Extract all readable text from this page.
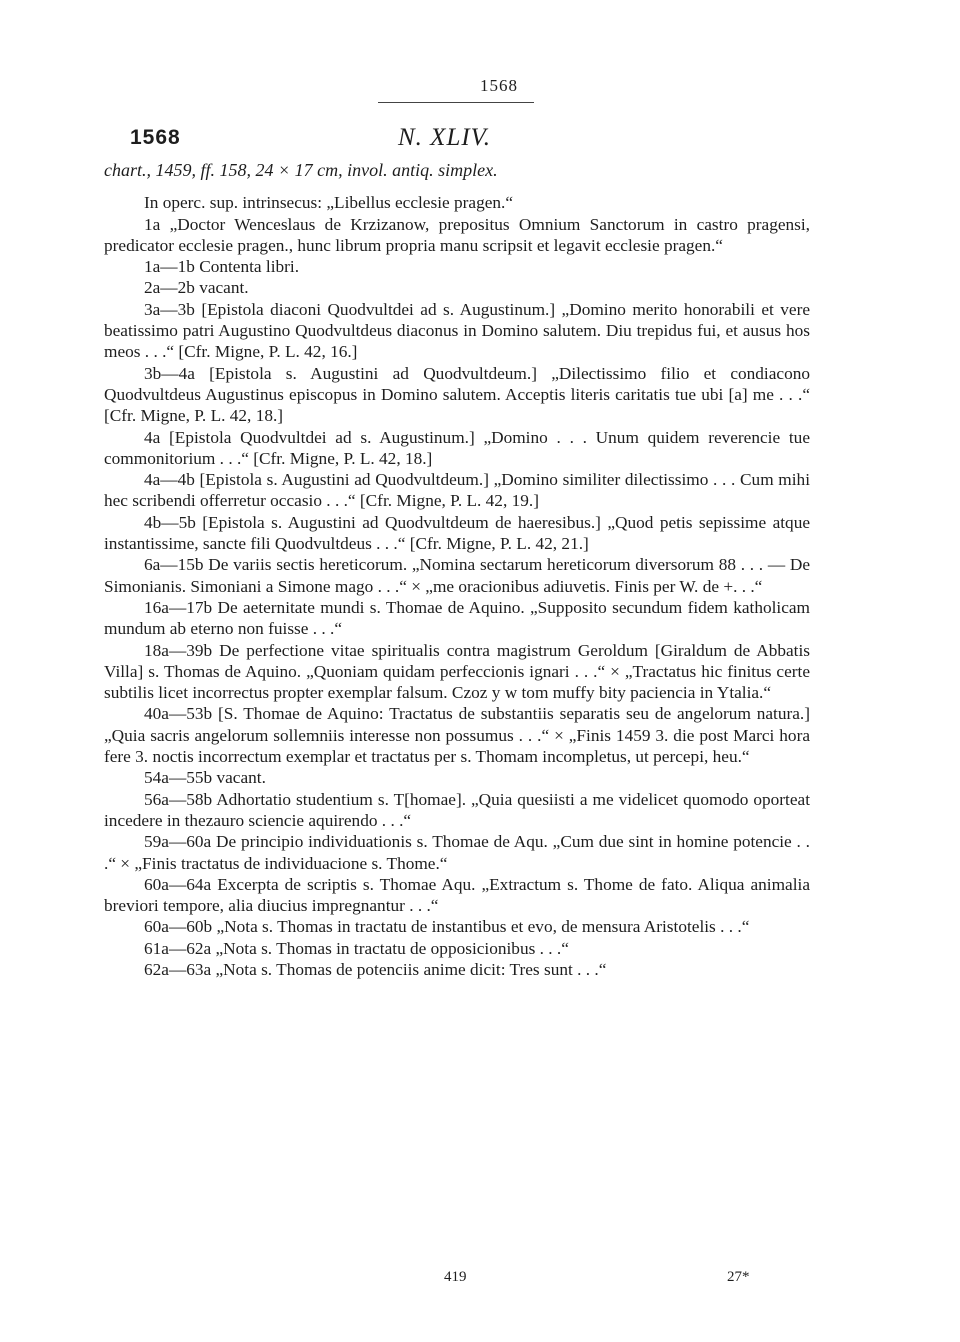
1568
1568	N. XLIV.

chart., 1459, ff. 158, 24 × 17 cm, invol. antiq. simplex.

In operc. sup. intrinsecus: „Libellus ecclesie pragen.“

1a „Doctor Wenceslaus de Krzizanow, prepositus Omnium Sanctorum in castro pragensi, predicator ecclesie pragen., hunc librum propria manu scripsit et legavit ecclesie pragen.“

1a—1b Contenta libri.

2a—2b vacant.

3a—3b [Epistola diaconi Quodvultdei ad s. Augustinum.] „Domino merito honorabili et vere beatissimo patri Augustino Quodvultdeus diaconus in Domino salutem. Diu trepidus fui, et ausus hos meos . . .“ [Cfr. Migne, P. L. 42, 16.]

3b—4a [Epistola s. Augustini ad Quodvultdeum.] „Dilectissimo filio et condiacono Quodvultdeus Augustinus episcopus in Domino salutem. Acceptis literis caritatis tue ubi [a] me . . .“ [Cfr. Migne, P. L. 42, 18.]

4a [Epistola Quodvultdei ad s. Augustinum.] „Domino . . . Unum quidem reverencie tue commonitorium . . .“ [Cfr. Migne, P. L. 42, 18.]

4a—4b [Epistola s. Augustini ad Quodvultdeum.] „Domino similiter dilectissimo . . . Cum mihi hec scribendi offerretur occasio . . .“ [Cfr. Migne, P. L. 42, 19.]

4b—5b [Epistola s. Augustini ad Quodvultdeum de haeresibus.] „Quod petis sepissime atque instantissime, sancte fili Quodvultdeus . . .“ [Cfr. Migne, P. L. 42, 21.]

6a—15b De variis sectis hereticorum. „Nomina sectarum hereticorum diversorum 88 . . . — De Simonianis. Simoniani a Simone mago . . .“ × „me oracionibus adiuvetis. Finis per W. de +. . .“

16a—17b De aeternitate mundi s. Thomae de Aquino. „Supposito secundum fidem katholicam mundum ab eterno non fuisse . . .“

18a—39b De perfectione vitae spiritualis contra magistrum Geroldum [Giraldum de Abbatis Villa] s. Thomas de Aquino. „Quoniam quidam perfeccionis ignari . . .“ × „Tractatus hic finitus certe subtilis licet incorrectus propter exemplar falsum. Czoz y w tom muffy bity paciencia in Ytalia.“

40a—53b [S. Thomae de Aquino: Tractatus de substantiis separatis seu de angelorum natura.] „Quia sacris angelorum sollemniis interesse non possumus . . .“ × „Finis 1459 3. die post Marci hora fere 3. noctis incorrectum exemplar et tractatus per s. Thomam incompletus, ut percepi, heu.“

54a—55b vacant.

56a—58b Adhortatio studentium s. T[homae]. „Quia quesiisti a me videlicet quomodo oporteat incedere in thezauro sciencie aquirendo . . .“

59a—60a De principio individuationis s. Thomae de Aqu. „Cum due sint in homine potencie . . .“ × „Finis tractatus de individuacione s. Thome.“

60a—64a Excerpta de scriptis s. Thomae Aqu. „Extractum s. Thome de fato. Aliqua animalia breviori tempore, alia diucius impregnantur . . .“

60a—60b „Nota s. Thomas in tractatu de instantibus et evo, de mensura Aristotelis . . .“

61a—62a „Nota s. Thomas in tractatu de opposicionibus . . .“

62a—63a „Nota s. Thomas de potenciis anime dicit: Tres sunt . . .“

419	27*
